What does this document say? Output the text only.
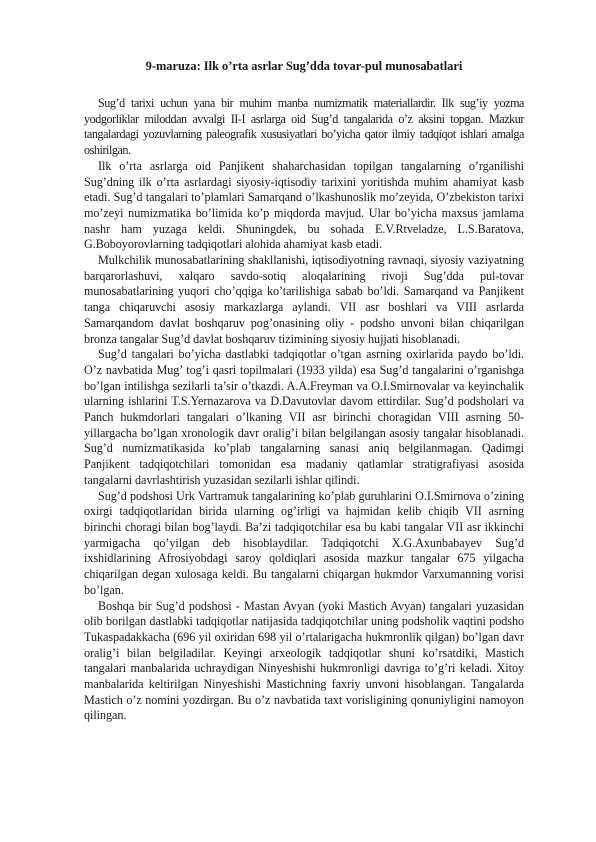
9-maruza: Ilk o’rta asrlar Sug’dda tovar-pul munosabatlari

Sug’d tarixi uchun yana bir muhim manba numizmatik materiallardir. Ilk sug’iy yozma yodgorliklar miloddan avvalgi II-I asrlarga oid Sug’d tangalarida o’z aksini topgan. Mazkur tangalardagi yozuvlarning paleografik xususiyatlari bo’yicha qator ilmiy tadqiqot ishlari amalga oshirilgan.

Ilk o’rta asrlarga oid Panjikent shaharchasidan topilgan tangalarning o’rganilishi Sug’dning ilk o’rta asrlardagi siyosiy-iqtisodiy tarixini yoritishda muhim ahamiyat kasb etadi. Sug’d tangalari to’plamlari Samarqand o’lkashunoslik mo’zeyida, O’zbekiston tarixi mo’zeyi numizmatika bo’limida ko’p miqdorda mavjud. Ular bo’yicha maxsus jamlama nashr ham yuzaga keldi. Shuningdek, bu sohada E.V.Rtveladze, L.S.Baratova, G.Boboyorovlarning tadqiqotlari alohida ahamiyat kasb etadi.

Mulkchilik munosabatlarining shakllanishi, iqtisodiyotning ravnaqi, siyosiy vaziyatning barqarorlashuvi, xalqaro savdo-sotiq aloqalarining rivoji Sug’dda pul-tovar munosabatlarining yuqori cho’qqiga ko’tarilishiga sabab bo’ldi. Samarqand va Panjikent tanga chiqaruvchi asosiy markazlarga aylandi. VII asr boshlari va VIII asrlarda Samarqandom davlat boshqaruv pog’onasining oliy - podsho unvoni bilan chiqarilgan bronza tangalar Sug’d davlat boshqaruv tizimining siyosiy hujjati hisoblanadi.

Sug’d tangalari bo’yicha dastlabki tadqiqotlar o’tgan asrning oxirlarida paydo bo’ldi. O’z navbatida Mug’ tog’i qasri topilmalari (1933 yilda) esa Sug’d tangalarini o’rganishga bo’lgan intilishga sezilarli ta’sir o’tkazdi. A.A.Freyman va O.I.Smirnovalar va keyinchalik ularning ishlarini T.S.Yernazarova va D.Davutovlar davom ettirdilar. Sug’d podsholari va Panch hukmdorlari tangalari o’lkaning VII asr birinchi choragidan VIII asrning 50-yillargacha bo’lgan xronologik davr oralig’i bilan belgilangan asosiy tangalar hisoblanadi. Sug’d numizmatikasida ko’plab tangalarning sanasi aniq belgilanmagan. Qadimgi Panjikent tadqiqotchilari tomonidan esa madaniy qatlamlar stratigrafiyasi asosida tangalarni davrlashtirish yuzasidan sezilarli ishlar qilindi.

Sug’d podshosi Urk Vartramuk tangalarining ko’plab guruhlarini O.I.Smirnova o’zining oxirgi tadqiqotlaridan birida ularning og’irligi va hajmidan kelib chiqib VII asrning birinchi choragi bilan bog’laydi. Ba’zi tadqiqotchilar esa bu kabi tangalar VII asr ikkinchi yarmigacha qo’yilgan deb hisoblaydilar. Tadqiqotchi X.G.Axunbabayev Sug’d ixshidlarining Afrosiyobdagi saroy qoldiqlari asosida mazkur tangalar 675 yilgacha chiqarilgan degan xulosaga keldi. Bu tangalarni chiqargan hukmdor Varxumanning vorisi bo’lgan.

Boshqa bir Sug’d podshosi - Mastan Avyan (yoki Mastich Avyan) tangalari yuzasidan olib borilgan dastlabki tadqiqotlar natijasida tadqiqotchilar uning podsholik vaqtini podsho Tukaspadakkacha (696 yil oxiridan 698 yil o’rtalarigacha hukmronlik qilgan) bo’lgan davr oralig’i bilan belgiladilar. Keyingi arxeologik tadqiqotlar shuni ko’rsatdiki, Mastich tangalari manbalarida uchraydigan Ninyeshishi hukmronligi davriga to’g’ri keladi. Xitoy manbalarida keltirilgan Ninyeshishi Mastichning faxriy unvoni hisoblangan. Tangalarda Mastich o’z nomini yozdirgan. Bu o’z navbatida taxt vorisligining qonuniyligini namoyon qilingan.
